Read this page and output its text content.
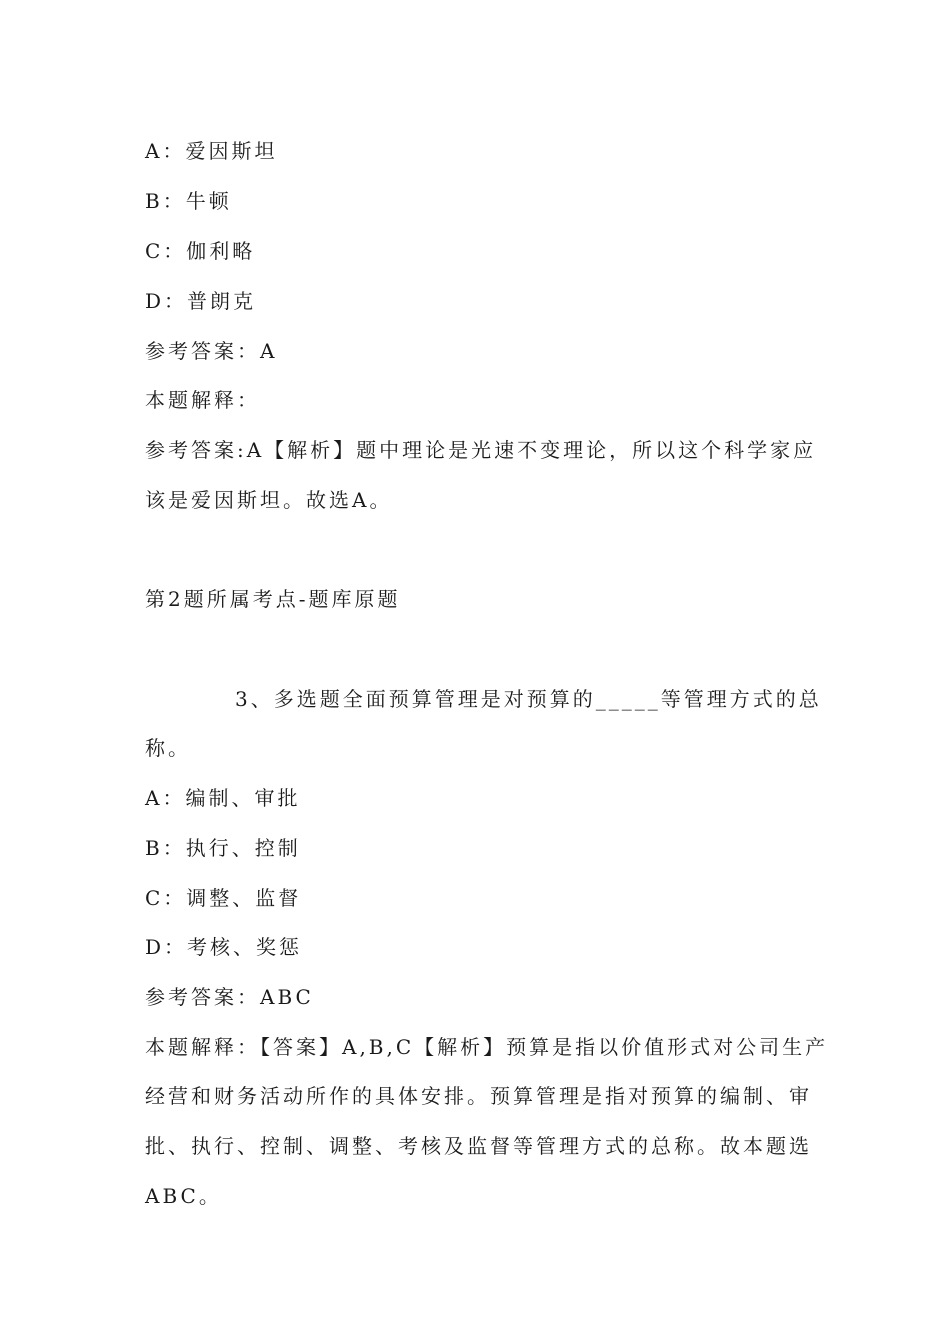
A：爱因斯坦
B：牛顿
C：伽利略
D：普朗克
参考答案：A
本题解释：
参考答案:A【解析】题中理论是光速不变理论，所以这个科学家应
该是爱因斯坦。故选A。
第2题所属考点-题库原题
3、多选题全面预算管理是对预算的_____等管理方式的总
称。
A：编制、审批
B：执行、控制
C：调整、监督
D：考核、奖惩
参考答案：ABC
本题解释：【答案】A,B,C【解析】预算是指以价值形式对公司生产
经营和财务活动所作的具体安排。预算管理是指对预算的编制、审
批、执行、控制、调整、考核及监督等管理方式的总称。故本题选
ABC。
